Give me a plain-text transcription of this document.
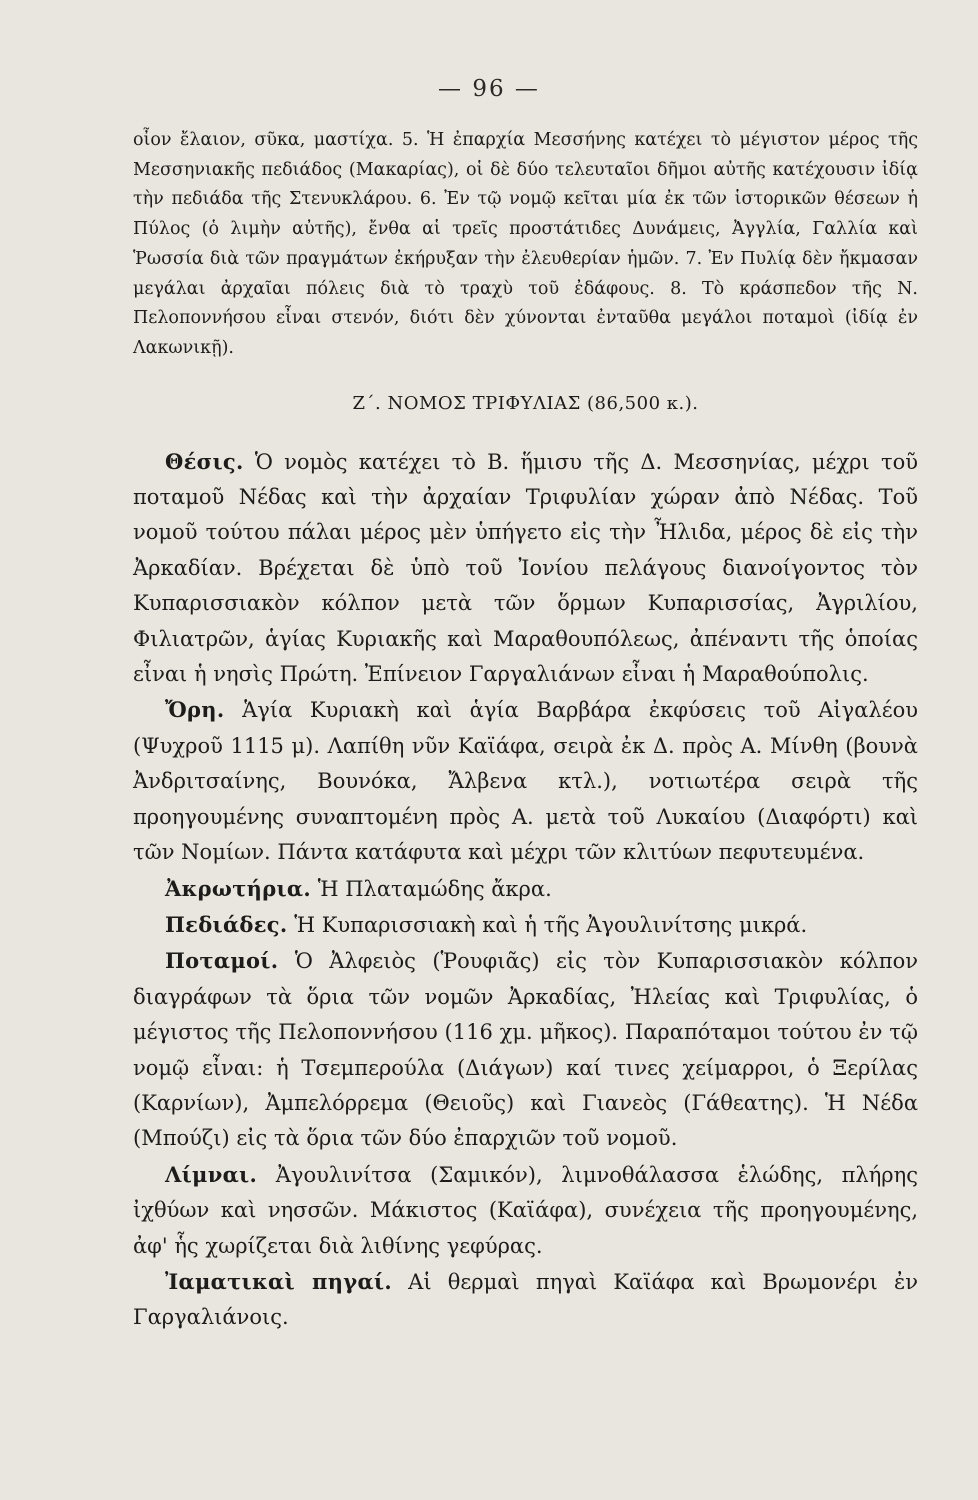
— 96 —

οἶον ἔλαιον, σῦκα, μαστίχα. 5. Ἡ ἐπαρχία Μεσσήνης κατέχει τὸ μέγιστον μέρος τῆς Μεσσηνιακῆς πεδιάδος (Μακαρίας), οἱ δὲ δύο τελευταῖοι δῆμοι αὐτῆς κατέχουσιν ἰδίᾳ τὴν πεδιάδα τῆς Στενυκλάρου. 6. Ἐν τῷ νομῷ κεῖται μία ἐκ τῶν ἱστορικῶν θέσεων ἡ Πύλος (ὁ λιμὴν αὐτῆς), ἔνθα αἱ τρεῖς προστάτιδες Δυνάμεις, Ἀγγλία, Γαλλία καὶ Ῥωσσία διὰ τῶν πραγμάτων ἐκήρυξαν τὴν ἐλευθερίαν ἡμῶν. 7. Ἐν Πυλίᾳ δὲν ἤκμασαν μεγάλαι ἀρχαῖαι πόλεις διὰ τὸ τραχὺ τοῦ ἐδάφους. 8. Τὸ κράσπεδον τῆς Ν. Πελοποννήσου εἶναι στενόν, διότι δὲν χύνονται ἐνταῦθα μεγάλοι ποταμοὶ (ἰδίᾳ ἐν Λακωνικῇ).

Ζ΄. ΝΟΜΟΣ ΤΡΙΦΥΛΙΑΣ (86,500 κ.).

Θέσις . Ὁ νομὸς κατέχει τὸ Β. ἥμισυ τῆς Δ. Μεσσηνίας, μέχρι τοῦ ποταμοῦ Νέδας καὶ τὴν ἀρχαίαν Τριφυλίαν χώραν ἀπὸ Νέδας. Τοῦ νομοῦ τούτου πάλαι μέρος μὲν ὑπήγετο εἰς τὴν Ἦλιδα, μέρος δὲ εἰς τὴν Ἀρκαδίαν. Βρέχεται δὲ ὑπὸ τοῦ Ἰονίου πελάγους διανοίγοντος τὸν Κυπαρισσιακὸν κόλπον μετὰ τῶν ὅρμων Κυπαρισσίας, Ἀγριλίου, Φιλιατρῶν, ἁγίας Κυριακῆς καὶ Μαραθουπόλεως, ἀπέναντι τῆς ὁποίας εἶναι ἡ νησὶς Πρώτη. Ἐπίνειον Γαργαλιάνων εἶναι ἡ Μαραθούπολις.

Ὄρη . Ἁγία Κυριακὴ καὶ ἁγία Βαρβάρα ἐκφύσεις τοῦ Αἰγαλέου (Ψυχροῦ 1115 μ). Λαπίθη νῦν Καϊάφα, σειρὰ ἐκ Δ. πρὸς Α. Μίνθη (βουνὰ Ἀνδριτσαίνης, Βουνόκα, Ἄλβενα κτλ.), νοτιωτέρα σειρὰ τῆς προηγουμένης συναπτομένη πρὸς Α. μετὰ τοῦ Λυκαίου (Διαφόρτι) καὶ τῶν Νομίων. Πάντα κατάφυτα καὶ μέχρι τῶν κλιτύων πεφυτευμένα.

Ἀκρωτήρια . Ἡ Πλαταμώδης ἄκρα.

Πεδιάδες . Ἡ Κυπαρισσιακὴ καὶ ἡ τῆς Ἀγουλινίτσης μικρά.

Ποταμοί . Ὁ Ἀλφειὸς (Ῥουφιᾶς) εἰς τὸν Κυπαρισσιακὸν κόλπον διαγράφων τὰ ὅρια τῶν νομῶν Ἀρκαδίας, Ἠλείας καὶ Τριφυλίας, ὁ μέγιστος τῆς Πελοποννήσου (116 χμ. μῆκος). Παραπόταμοι τούτου ἐν τῷ νομῷ εἶναι: ἡ Τσεμπερούλα (Διάγων) καί τινες χείμαρροι, ὁ Ξερίλας (Καρνίων), Ἀμπελόρρεμα (Θειοῦς) καὶ Γιανεὸς (Γάθεατης). Ἡ Νέδα (Μπούζι) εἰς τὰ ὅρια τῶν δύο ἐπαρχιῶν τοῦ νομοῦ.

Λίμναι . Ἀγουλινίτσα (Σαμικόν), λιμνοθάλασσα ἑλώδης, πλήρης ἰχθύων καὶ νησσῶν. Μάκιστος (Καϊάφα), συνέχεια τῆς προηγουμένης, ἀφ' ἧς χωρίζεται διὰ λιθίνης γεφύρας.

Ἰαματικαὶ πηγαί . Αἱ θερμαὶ πηγαὶ Καϊάφα καὶ Βρωμονέρι ἐν Γαργαλιάνοις.
